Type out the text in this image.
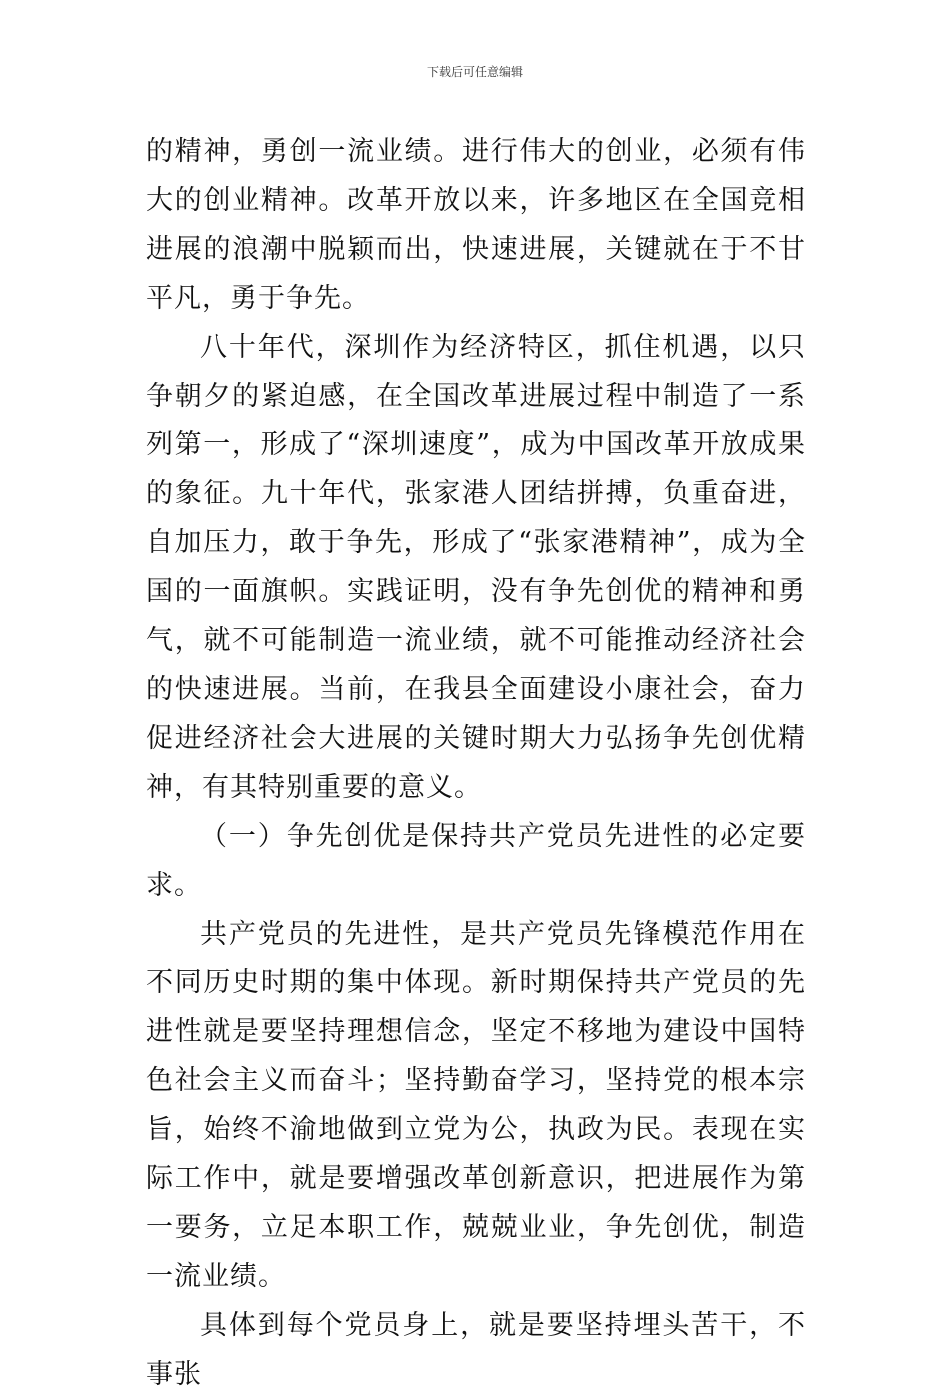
下载后可任意编辑

的精神，勇创一流业绩。进行伟大的创业，必须有伟大的创业精神。改革开放以来，许多地区在全国竞相进展的浪潮中脱颖而出，快速进展，关键就在于不甘平凡，勇于争先。

八十年代，深圳作为经济特区，抓住机遇，以只争朝夕的紧迫感，在全国改革进展过程中制造了一系列第一，形成了“深圳速度”，成为中国改革开放成果的象征。九十年代，张家港人团结拼搏，负重奋进，自加压力，敢于争先，形成了“张家港精神”，成为全国的一面旗帜。实践证明，没有争先创优的精神和勇气，就不可能制造一流业绩，就不可能推动经济社会的快速进展。当前，在我县全面建设小康社会，奋力促进经济社会大进展的关键时期大力弘扬争先创优精神，有其特别重要的意义。

（一）争先创优是保持共产党员先进性的必定要求。

共产党员的先进性，是共产党员先锋模范作用在不同历史时期的集中体现。新时期保持共产党员的先进性就是要坚持理想信念，坚定不移地为建设中国特色社会主义而奋斗；坚持勤奋学习，坚持党的根本宗旨，始终不渝地做到立党为公，执政为民。表现在实际工作中，就是要增强改革创新意识，把进展作为第一要务，立足本职工作，兢兢业业，争先创优，制造一流业绩。

具体到每个党员身上，就是要坚持埋头苦干，不事张
